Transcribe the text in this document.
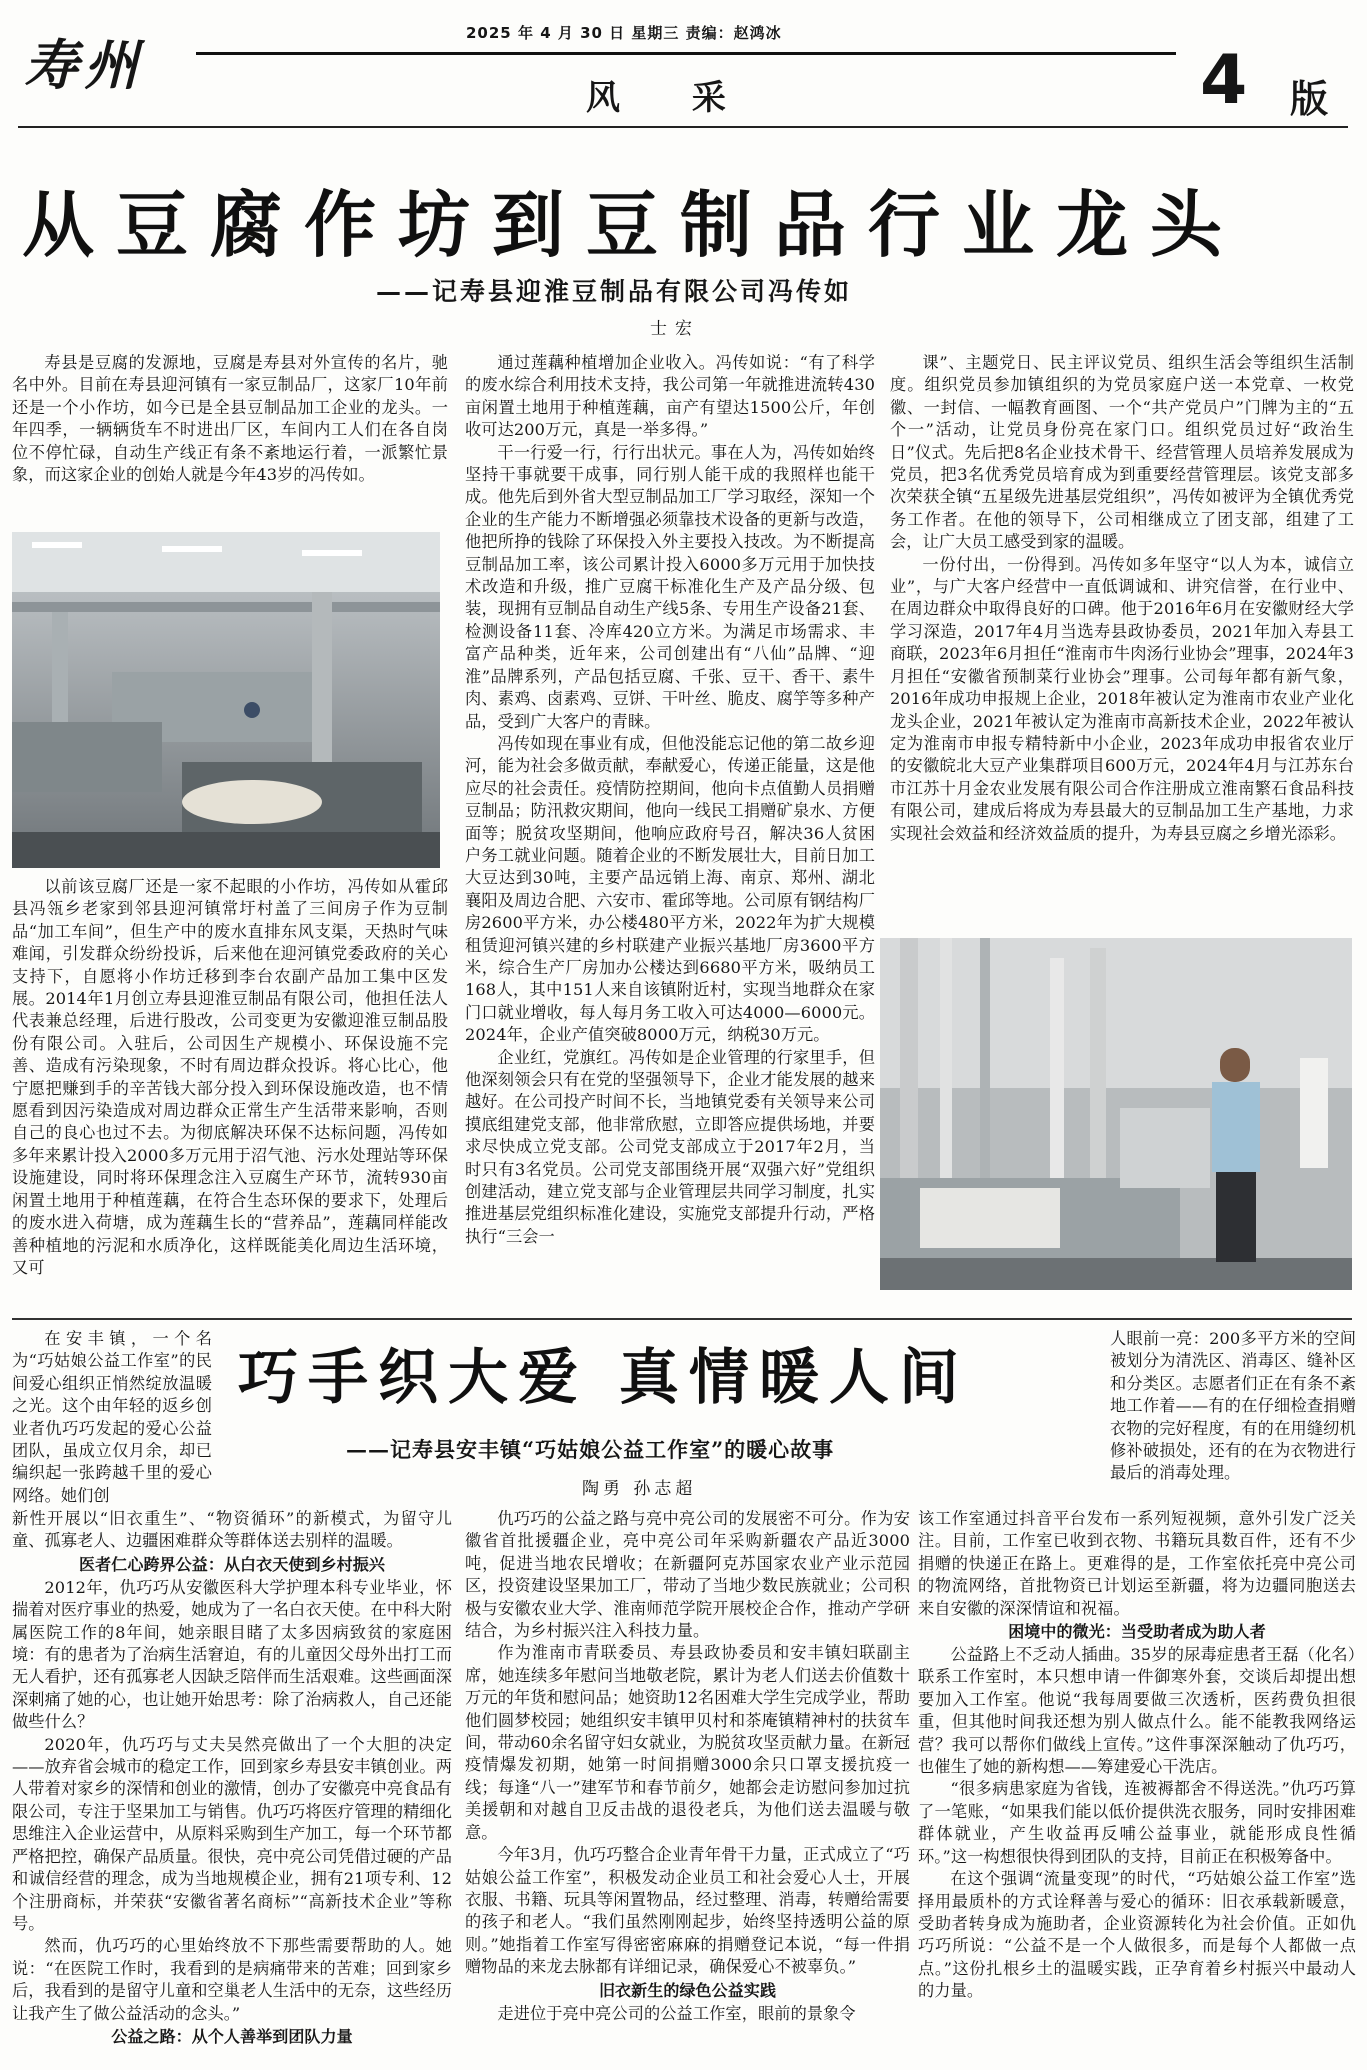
寿州	2025 年 4 月 30 日 星期三 责编：赵鸿冰
风 采	4 版
从豆腐作坊到豆制品行业龙头
——记寿县迎淮豆制品有限公司冯传如
士宏

寿县是豆腐的发源地，豆腐是寿县对外宣传的名片，驰名中外。目前在寿县迎河镇有一家豆制品厂，这家厂10年前还是一个小作坊，如今已是全县豆制品加工企业的龙头。一年四季，一辆辆货车不时进出厂区，车间内工人们在各自岗位不停忙碌，自动生产线正有条不紊地运行着，一派繁忙景象，而这家企业的创始人就是今年43岁的冯传如。

以前该豆腐厂还是一家不起眼的小作坊，冯传如从霍邱县冯瓴乡老家到邻县迎河镇常圩村盖了三间房子作为豆制品“加工车间”，但生产中的废水直排东风支渠，天热时气味难闻，引发群众纷纷投诉，后来他在迎河镇党委政府的关心支持下，自愿将小作坊迁移到李台农副产品加工集中区发展。2014年1月创立寿县迎淮豆制品有限公司，他担任法人代表兼总经理，后进行股改，公司变更为安徽迎淮豆制品股份有限公司。入驻后，公司因生产规模小、环保设施不完善、造成有污染现象，不时有周边群众投诉。将心比心，他宁愿把赚到手的辛苦钱大部分投入到环保设施改造，也不情愿看到因污染造成对周边群众正常生产生活带来影响，否则自己的良心也过不去。为彻底解决环保不达标问题，冯传如多年来累计投入2000多万元用于沼气池、污水处理站等环保设施建设，同时将环保理念注入豆腐生产环节，流转930亩闲置土地用于种植莲藕，在符合生态环保的要求下，处理后的废水进入荷塘，成为莲藕生长的“营养品”，莲藕同样能改善种植地的污泥和水质净化，这样既能美化周边生活环境，又可

通过莲藕种植增加企业收入。冯传如说：“有了科学的废水综合利用技术支持，我公司第一年就推进流转430亩闲置土地用于种植莲藕，亩产有望达1500公斤，年创收可达200万元，真是一举多得。”

干一行爱一行，行行出状元。事在人为，冯传如始终坚持干事就要干成事，同行别人能干成的我照样也能干成。他先后到外省大型豆制品加工厂学习取经，深知一个企业的生产能力不断增强必须靠技术设备的更新与改造，他把所挣的钱除了环保投入外主要投入技改。为不断提高豆制品加工率，该公司累计投入6000多万元用于加快技术改造和升级，推广豆腐干标准化生产及产品分级、包装，现拥有豆制品自动生产线5条、专用生产设备21套、检测设备11套、冷库420立方米。为满足市场需求、丰富产品种类，近年来，公司创建出有“八仙”品牌、“迎淮”品牌系列，产品包括豆腐、千张、豆干、香干、素牛肉、素鸡、卤素鸡、豆饼、干叶丝、脆皮、腐竽等多种产品，受到广大客户的青睐。

冯传如现在事业有成，但他没能忘记他的第二故乡迎河，能为社会多做贡献，奉献爱心，传递正能量，这是他应尽的社会责任。疫情防控期间，他向卡点值勤人员捐赠豆制品；防汛救灾期间，他向一线民工捐赠矿泉水、方便面等；脱贫攻坚期间，他响应政府号召，解决36人贫困户务工就业问题。随着企业的不断发展壮大，目前日加工大豆达到30吨，主要产品远销上海、南京、郑州、湖北襄阳及周边合肥、六安市、霍邱等地。公司原有钢结构厂房2600平方米，办公楼480平方米，2022年为扩大规模租赁迎河镇兴建的乡村联建产业振兴基地厂房3600平方米，综合生产厂房加办公楼达到6680平方米，吸纳员工168人，其中151人来自该镇附近村，实现当地群众在家门口就业增收，每人每月务工收入可达4000—6000元。2024年，企业产值突破8000万元，纳税30万元。

企业红，党旗红。冯传如是企业管理的行家里手，但他深刻领会只有在党的坚强领导下，企业才能发展的越来越好。在公司投产时间不长，当地镇党委有关领导来公司摸底组建党支部，他非常欣慰，立即答应提供场地，并要求尽快成立党支部。公司党支部成立于2017年2月，当时只有3名党员。公司党支部围绕开展“双强六好”党组织创建活动，建立党支部与企业管理层共同学习制度，扎实推进基层党组织标准化建设，实施党支部提升行动，严格执行“三会一

课”、主题党日、民主评议党员、组织生活会等组织生活制度。组织党员参加镇组织的为党员家庭户送一本党章、一枚党徽、一封信、一幅教育画图、一个“共产党员户”门牌为主的“五个一”活动，让党员身份亮在家门口。组织党员过好“政治生日”仪式。先后把8名企业技术骨干、经营管理人员培养发展成为党员，把3名优秀党员培育成为到重要经营管理层。该党支部多次荣获全镇“五星级先进基层党组织”，冯传如被评为全镇优秀党务工作者。在他的领导下，公司相继成立了团支部，组建了工会，让广大员工感受到家的温暖。

一份付出，一份得到。冯传如多年坚守“以人为本，诚信立业”，与广大客户经营中一直低调诚和、讲究信誉，在行业中、在周边群众中取得良好的口碑。他于2016年6月在安徽财经大学学习深造，2017年4月当选寿县政协委员，2021年加入寿县工商联，2023年6月担任“淮南市牛肉汤行业协会”理事，2024年3月担任“安徽省预制菜行业协会”理事。公司每年都有新气象，2016年成功申报规上企业，2018年被认定为淮南市农业产业化龙头企业，2021年被认定为淮南市高新技术企业，2022年被认定为淮南市申报专精特新中小企业，2023年成功申报省农业厅的安徽皖北大豆产业集群项目600万元，2024年4月与江苏东台市江苏十月金农业发展有限公司合作注册成立淮南繁石食品科技有限公司，建成后将成为寿县最大的豆制品加工生产基地，力求实现社会效益和经济效益质的提升，为寿县豆腐之乡增光添彩。

在安丰镇，一个名为“巧姑娘公益工作室”的民间爱心组织正悄然绽放温暖之光。这个由年轻的返乡创业者仇巧巧发起的爱心公益团队，虽成立仅月余，却已编织起一张跨越千里的爱心网络。她们创

巧手织大爱 真情暖人间
——记寿县安丰镇“巧姑娘公益工作室”的暖心故事
陶勇 孙志超

人眼前一亮：200多平方米的空间被划分为清洗区、消毒区、缝补区和分类区。志愿者们正在有条不紊地工作着——有的在仔细检查捐赠衣物的完好程度，有的在用缝纫机修补破损处，还有的在为衣物进行最后的消毒处理。

新性开展以“旧衣重生”、“物资循环”的新模式，为留守儿童、孤寡老人、边疆困难群众等群体送去别样的温暖。

医者仁心跨界公益：从白衣天使到乡村振兴

2012年，仇巧巧从安徽医科大学护理本科专业毕业，怀揣着对医疗事业的热爱，她成为了一名白衣天使。在中科大附属医院工作的8年间，她亲眼目睹了太多因病致贫的家庭困境：有的患者为了治病生活窘迫，有的儿童因父母外出打工而无人看护，还有孤寡老人因缺乏陪伴而生活艰难。这些画面深深刺痛了她的心，也让她开始思考：除了治病救人，自己还能做些什么？

2020年，仇巧巧与丈夫吴然亮做出了一个大胆的决定——放弃省会城市的稳定工作，回到家乡寿县安丰镇创业。两人带着对家乡的深情和创业的激情，创办了安徽亮中亮食品有限公司，专注于坚果加工与销售。仇巧巧将医疗管理的精细化思维注入企业运营中，从原料采购到生产加工，每一个环节都严格把控，确保产品质量。很快，亮中亮公司凭借过硬的产品和诚信经营的理念，成为当地规模企业，拥有21项专利、12个注册商标，并荣获“安徽省著名商标”“高新技术企业”等称号。

然而，仇巧巧的心里始终放不下那些需要帮助的人。她说：“在医院工作时，我看到的是病痛带来的苦难；回到家乡后，我看到的是留守儿童和空巢老人生活中的无奈，这些经历让我产生了做公益活动的念头。”

公益之路：从个人善举到团队力量

仇巧巧的公益之路与亮中亮公司的发展密不可分。作为安徽省首批援疆企业，亮中亮公司年采购新疆农产品近3000吨，促进当地农民增收；在新疆阿克苏国家农业产业示范园区，投资建设坚果加工厂，带动了当地少数民族就业；公司积极与安徽农业大学、淮南师范学院开展校企合作，推动产学研结合，为乡村振兴注入科技力量。

作为淮南市青联委员、寿县政协委员和安丰镇妇联副主席，她连续多年慰问当地敬老院，累计为老人们送去价值数十万元的年货和慰问品；她资助12名困难大学生完成学业，帮助他们圆梦校园；她组织安丰镇甲贝村和茶庵镇精神村的扶贫车间，带动60余名留守妇女就业，为脱贫攻坚贡献力量。在新冠疫情爆发初期，她第一时间捐赠3000余只口罩支援抗疫一线；每逢“八一”建军节和春节前夕，她都会走访慰问参加过抗美援朝和对越自卫反击战的退役老兵，为他们送去温暖与敬意。

今年3月，仇巧巧整合企业青年骨干力量，正式成立了“巧姑娘公益工作室”，积极发动企业员工和社会爱心人士，开展衣服、书籍、玩具等闲置物品，经过整理、消毒，转赠给需要的孩子和老人。“我们虽然刚刚起步，始终坚持透明公益的原则。”她指着工作室写得密密麻麻的捐赠登记本说，“每一件捐赠物品的来龙去脉都有详细记录，确保爱心不被辜负。”

旧衣新生的绿色公益实践

走进位于亮中亮公司的公益工作室，眼前的景象令

该工作室通过抖音平台发布一系列短视频，意外引发广泛关注。目前，工作室已收到衣物、书籍玩具数百件，还有不少捐赠的快递正在路上。更难得的是，工作室依托亮中亮公司的物流网络，首批物资已计划运至新疆，将为边疆同胞送去来自安徽的深深情谊和祝福。

困境中的微光：当受助者成为助人者

公益路上不乏动人插曲。35岁的尿毒症患者王磊（化名）联系工作室时，本只想申请一件御寒外套，交谈后却提出想要加入工作室。他说“我每周要做三次透析，医药费负担很重，但其他时间我还想为别人做点什么。能不能教我网络运营？我可以帮你们做线上宣传。”这件事深深触动了仇巧巧，也催生了她的新构想——筹建爱心干洗店。

“很多病患家庭为省钱，连被褥都舍不得送洗。”仇巧巧算了一笔账，“如果我们能以低价提供洗衣服务，同时安排困难群体就业，产生收益再反哺公益事业，就能形成良性循环。”这一构想很快得到团队的支持，目前正在积极筹备中。

在这个强调“流量变现”的时代，“巧姑娘公益工作室”选择用最质朴的方式诠释善与爱心的循环：旧衣承载新暖意，受助者转身成为施助者，企业资源转化为社会价值。正如仇巧巧所说：“公益不是一个人做很多，而是每个人都做一点点。”这份扎根乡土的温暖实践，正孕育着乡村振兴中最动人的力量。
